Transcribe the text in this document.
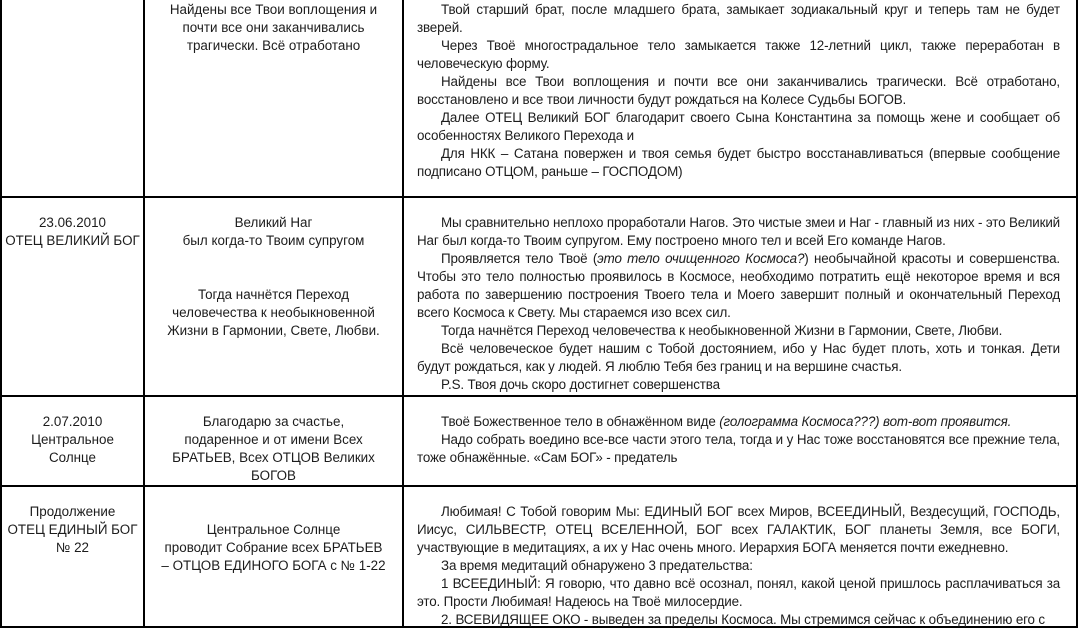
Найдены все Твои воплощения и почти все они заканчивались трагически. Всё отработано

Твой старший брат, после младшего брата, замыкает зодиакальный круг и теперь там не будет зверей.

Через Твоё многострадальное тело замыкается также 12-летний цикл, также переработан в человеческую форму.

Найдены все Твои воплощения и почти все они заканчивались трагически. Всё отработано, восстановлено и все твои личности будут рождаться на Колесе Судьбы БОГОВ.

Далее ОТЕЦ Великий БОГ благодарит своего Сына Константина за помощь жене и сообщает об особенностях Великого Перехода и

Для НКК – Сатана повержен и твоя семья будет быстро восстанавливаться (впервые сообщение подписано ОТЦОМ, раньше – ГОСПОДОМ)

23.06.2010

ОТЕЦ ВЕЛИКИЙ БОГ

Великий Наг

был когда-то Твоим супругом

Тогда начнётся Переход

человечества к необыкновенной

Жизни в Гармонии, Свете, Любви.

Мы сравнительно неплохо проработали Нагов. Это чистые змеи и Наг - главный из них - это Великий Наг был когда-то Твоим супругом. Ему построено много тел и всей Его команде Нагов.

Проявляется тело Твоё (это тело очищенного Космоса?) необычайной красоты и совершенства. Чтобы это тело полностью проявилось в Космосе, необходимо потратить ещё некоторое время и вся работа по завершению построения Твоего тела и Моего завершит полный и окончательный Переход всего Космоса к Свету. Мы стараемся изо всех сил.

Тогда начнётся Переход человечества к необыкновенной Жизни в Гармонии, Свете, Любви.

Всё человеческое будет нашим с Тобой достоянием, ибо у Нас будет плоть, хоть и тонкая. Дети будут рождаться, как у людей. Я люблю Тебя без границ и на вершине счастья.

P.S. Твоя дочь скоро достигнет совершенства

2.07.2010

Центральное

Солнце

Благодарю за счастье,

подаренное и от имени Всех

БРАТЬЕВ, Всех ОТЦОВ Великих

БОГОВ

Твоё Божественное тело в обнажённом виде (голограмма Космоса???) вот-вот проявится.

Надо собрать воедино все-все части этого тела, тогда и у Нас тоже восстановятся все прежние тела, тоже обнажённые. «Сам БОГ» - предатель

Продолжение

ОТЕЦ ЕДИНЫЙ БОГ

№ 22

Центральное Солнце

проводит Собрание всех БРАТЬЕВ

– ОТЦОВ ЕДИНОГО БОГА с № 1-22

Любимая! С Тобой говорим Мы: ЕДИНЫЙ БОГ всех Миров, ВСЕЕДИНЫЙ, Вездесущий, ГОСПОДЬ, Иисус, СИЛЬВЕСТР, ОТЕЦ ВСЕЛЕННОЙ, БОГ всех ГАЛАКТИК, БОГ планеты Земля, все БОГИ, участвующие в медитациях, а их у Нас очень много. Иерархия БОГА меняется почти ежедневно.

За время медитаций обнаружено 3 предательства:

1 ВСЕЕДИНЫЙ: Я говорю, что давно всё осознал, понял, какой ценой пришлось расплачиваться за это. Прости Любимая! Надеюсь на Твоё милосердие.

2. ВСЕВИДЯЩЕЕ ОКО - выведен за пределы Космоса. Мы стремимся сейчас к объединению его с
